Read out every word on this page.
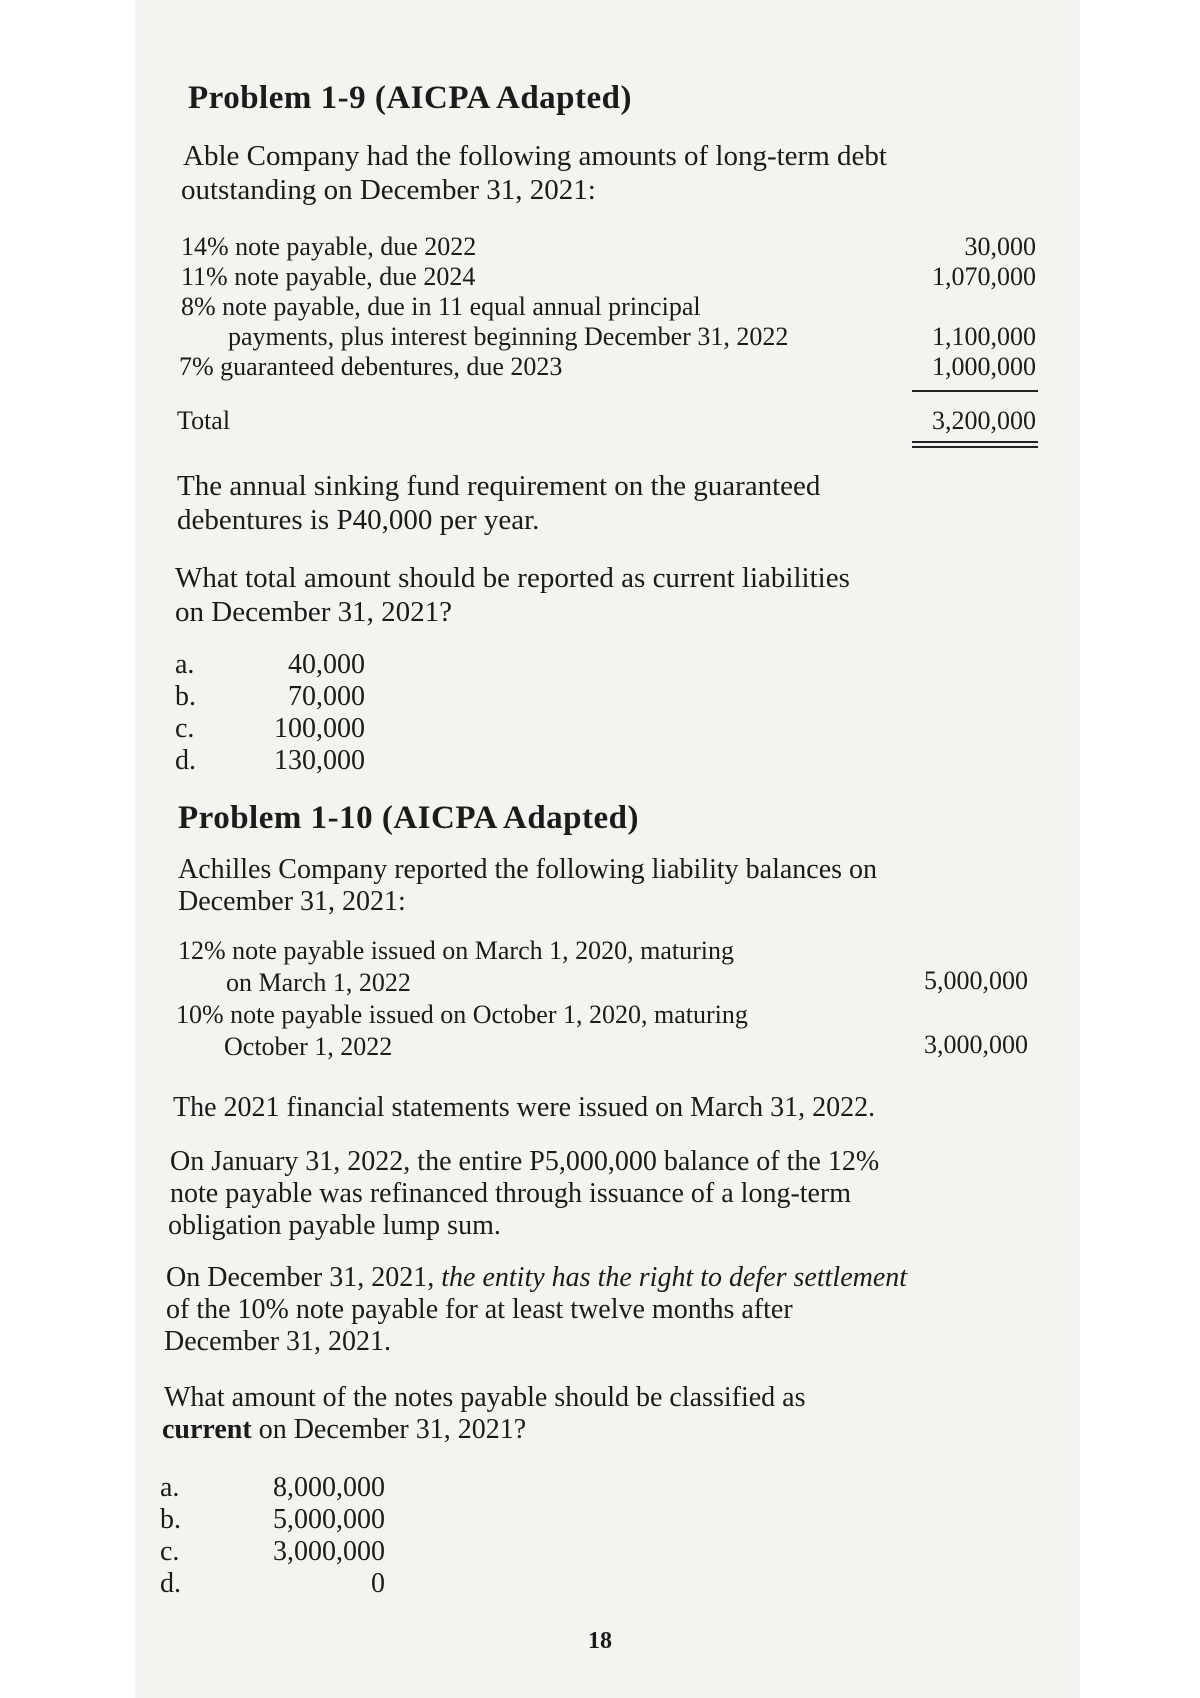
Problem 1-9 (AICPA Adapted)
Able Company had the following amounts of long-term debt
outstanding on December 31, 2021:
14% note payable, due 2022	30,000
11% note payable, due 2024	1,070,000
8% note payable, due in 11 equal annual principal
payments, plus interest beginning December 31, 2022	1,100,000
7% guaranteed debentures, due 2023	1,000,000
Total	3,200,000
The annual sinking fund requirement on the guaranteed
debentures is P40,000 per year.
What total amount should be reported as current liabilities
on December 31, 2021?
a.	40,000
b.	70,000
c.	100,000
d.	130,000
Problem 1-10 (AICPA Adapted)
Achilles Company reported the following liability balances on
December 31, 2021:
12% note payable issued on March 1, 2020, maturing
on March 1, 2022	5,000,000
10% note payable issued on October 1, 2020, maturing
October 1, 2022	3,000,000
The 2021 financial statements were issued on March 31, 2022.
On January 31, 2022, the entire P5,000,000 balance of the 12%
note payable was refinanced through issuance of a long-term
obligation payable lump sum.
On December 31, 2021, the entity has the right to defer settlement
of the 10% note payable for at least twelve months after
December 31, 2021.
What amount of the notes payable should be classified as
current on December 31, 2021?
a.	8,000,000
b.	5,000,000
c.	3,000,000
d.	0
18
